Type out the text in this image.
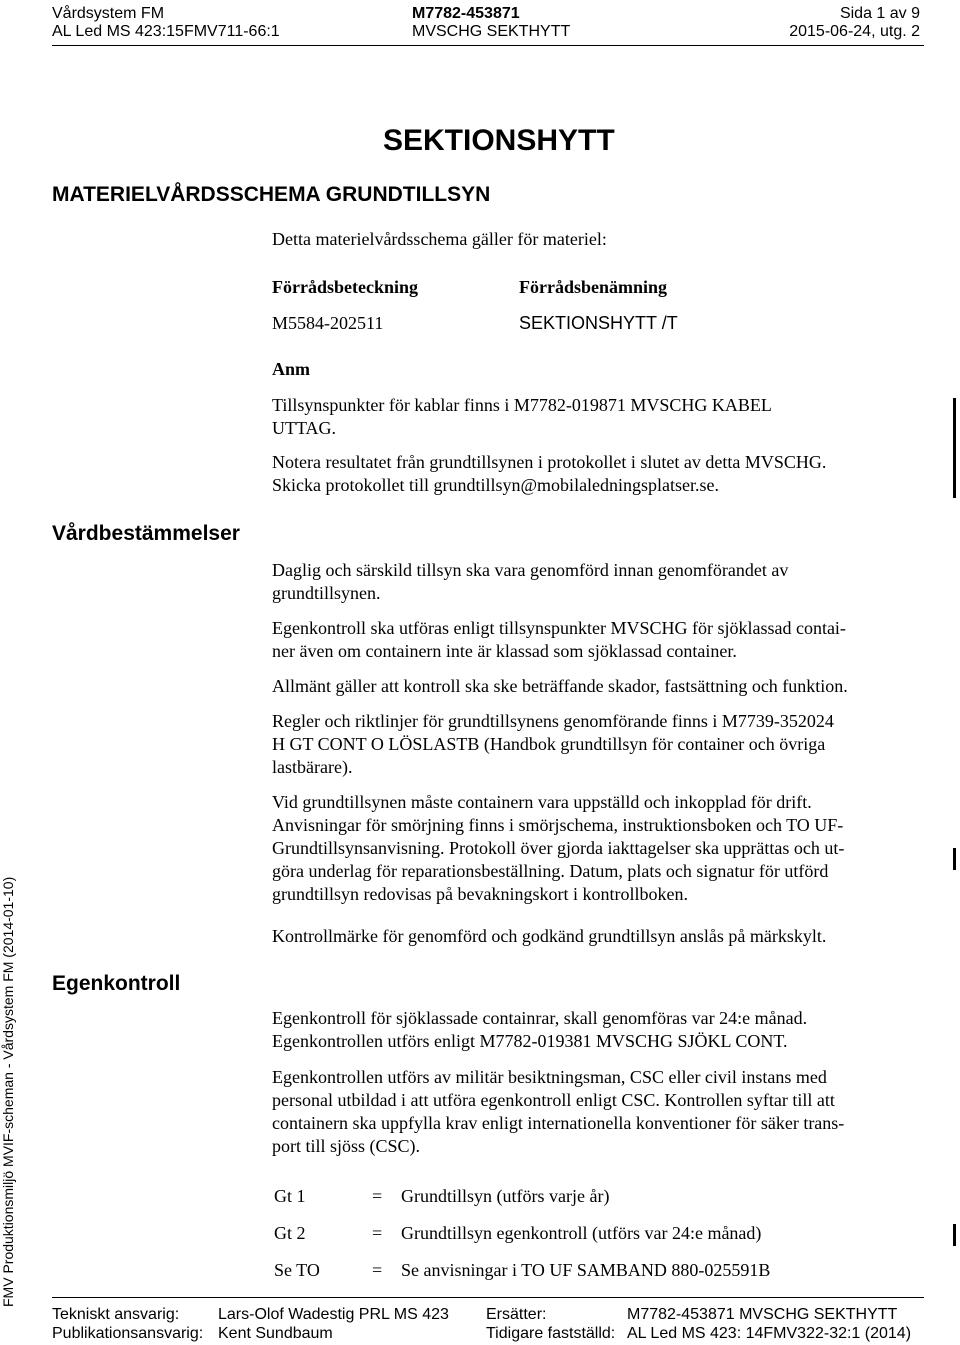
Vårdsystem FM	M7782-453871	Sida 1 av 9
AL Led MS 423:15FMV711-66:1	MVSCHG SEKTHYTT	2015-06-24, utg. 2
SEKTIONSHYTT
MATERIELVÅRDSSCHEMA GRUNDTILLSYN
Detta materielvårdsschema gäller för materiel:
Förrådsbeteckning	Förrådsbenämning
M5584-202511	SEKTIONSHYTT /T
Anm
Tillsynspunkter för kablar finns i M7782-019871 MVSCHG KABEL
UTTAG.
Notera resultatet från grundtillsynen i protokollet i slutet av detta MVSCHG.
Skicka protokollet till grundtillsyn@mobilaledningsplatser.se.
Vårdbestämmelser
Egenkontroll
Daglig och särskild tillsyn ska vara genomförd innan genomförandet av
grundtillsynen.
Egenkontroll ska utföras enligt tillsynspunkter MVSCHG för sjöklassad contai-
ner även om containern inte är klassad som sjöklassad container.
Allmänt gäller att kontroll ska ske beträffande skador, fastsättning och funktion.
Regler och riktlinjer för grundtillsynens genomförande finns i M7739-352024
H GT CONT O LÖSLASTB (Handbok grundtillsyn för container och övriga
lastbärare).
Vid grundtillsynen måste containern vara uppställd och inkopplad för drift.
Anvisningar för smörjning finns i smörjschema, instruktionsboken och TO UF-
Grundtillsynsanvisning. Protokoll över gjorda iakttagelser ska upprättas och ut-
göra underlag för reparationsbeställning. Datum, plats och signatur för utförd
grundtillsyn redovisas på bevakningskort i kontrollboken.
Kontrollmärke för genomförd och godkänd grundtillsyn anslås på märkskylt.
Egenkontroll för sjöklassade containrar, skall genomföras var 24:e månad.
Egenkontrollen utförs enligt M7782-019381 MVSCHG SJÖKL CONT.
Egenkontrollen utförs av militär besiktningsman, CSC eller civil instans med
personal utbildad i att utföra egenkontroll enligt CSC. Kontrollen syftar till att
containern ska uppfylla krav enligt internationella konventioner för säker trans-
port till sjöss (CSC).
Gt 1	= Grundtillsyn (utförs varje år)
Gt 2	= Grundtillsyn egenkontroll (utförs var 24:e månad)
Se TO	= Se anvisningar i TO UF SAMBAND 880-025591B
FMV Produktionsmiljö MVIF-scheman - Vårdsystem FM (2014-01-10)
Tekniskt ansvarig: Lars-Olof Wadestig PRL MS 423 Ersätter:	M7782-453871 MVSCHG SEKTHYTT
Publikationsansvarig: Kent Sundbaum	Tidigare fastställd: AL Led MS 423: 14FMV322-32:1 (2014)
